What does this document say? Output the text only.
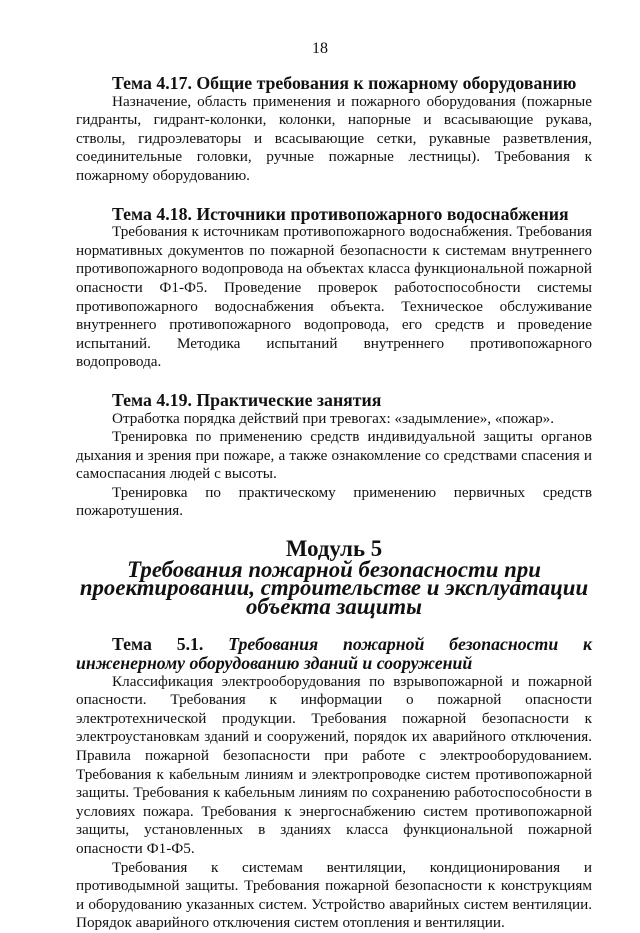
18
Тема 4.17. Общие требования к пожарному оборудованию

Назначение, область применения и пожарного оборудования (пожарные гидранты, гидрант-колонки, колонки, напорные и всасывающие рукава, стволы, гидроэлеваторы и всасывающие сетки, рукавные разветвления, соединительные головки, ручные пожарные лестницы). Требования к пожарному оборудованию.

Тема 4.18. Источники противопожарного водоснабжения

Требования к источникам противопожарного водоснабжения. Требования нормативных документов по пожарной безопасности к системам внутреннего противопожарного водопровода на объектах класса функциональной пожарной опасности Ф1-Ф5. Проведение проверок работоспособности системы противопожарного водоснабжения объекта. Техническое обслуживание внутреннего противопожарного водопровода, его средств и проведение испытаний. Методика испытаний внутреннего противопожарного водопровода.

Тема 4.19. Практические занятия

Отработка порядка действий при тревогах: «задымление», «пожар».

Тренировка по применению средств индивидуальной защиты органов дыхания и зрения при пожаре, а также ознакомление со средствами спасения и самоспасания людей с высоты.

Тренировка по практическому применению первичных средств пожаротушения.

Модуль 5
Требования пожарной безопасности при проектировании, строительстве и эксплуатации объекта защиты
Тема 5.1. Требования пожарной безопасности к инженерному оборудованию зданий и сооружений

Классификация электрооборудования по взрывопожарной и пожарной опасности. Требования к информации о пожарной опасности электротехнической продукции. Требования пожарной безопасности к электроустановкам зданий и сооружений, порядок их аварийного отключения. Правила пожарной безопасности при работе с электрооборудованием. Требования к кабельным линиям и электропроводке систем противопожарной защиты. Требования к кабельным линиям по сохранению работоспособности в условиях пожара. Требования к энергоснабжению систем противопожарной защиты, установленных в зданиях класса функциональной пожарной опасности Ф1-Ф5.

Требования к системам вентиляции, кондиционирования и противодымной защиты. Требования пожарной безопасности к конструкциям и оборудованию указанных систем. Устройство аварийных систем вентиляции. Порядок аварийного отключения систем отопления и вентиляции.
